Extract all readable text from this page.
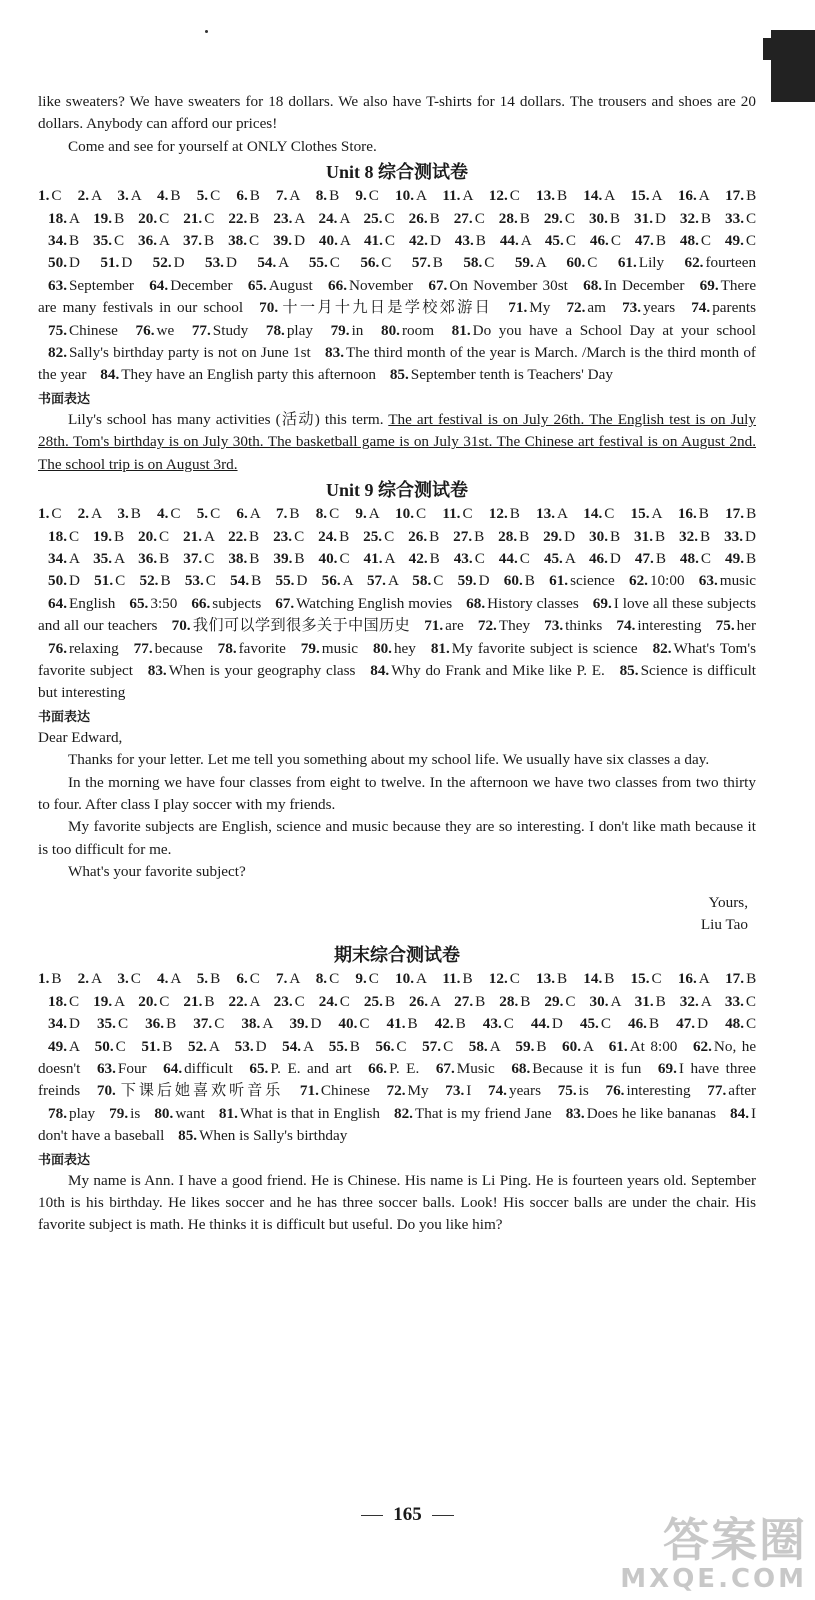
like sweaters? We have sweaters for 18 dollars. We also have T-shirts for 14 dollars. The trousers and shoes are 20 dollars. Anybody can afford our prices!

Come and see for yourself at ONLY Clothes Store.

Unit 8 综合测试卷

1. C 2. A 3. A 4. B 5. C 6. B 7. A 8. B 9. C 10. A 11. A 12. C 13. B 14. A 15. A 16. A 17. B 18. A 19. B 20. C 21. C 22. B 23. A 24. A 25. C 26. B 27. C 28. B 29. C 30. B 31. D 32. B 33. C 34. B 35. C 36. A 37. B 38. C 39. D 40. A 41. C 42. D 43. B 44. A 45. C 46. C 47. B 48. C 49. C 50. D 51. D 52. D 53. D 54. A 55. C 56. C 57. B 58. C 59. A 60. C 61. Lily 62. fourteen 63. September 64. December 65. August 66. November 67. On November 30st 68. In December 69. There are many festivals in our school 70. 十一月十九日是学校郊游日 71. My 72. am 73. years 74. parents 75. Chinese 76. we 77. Study 78. play 79. in 80. room 81. Do you have a School Day at your school 82. Sally's birthday party is not on June 1st 83. The third month of the year is March. /March is the third month of the year 84. They have an English party this afternoon 85. September tenth is Teachers' Day

书面表达

Lily's school has many activities (活动) this term. The art festival is on July 26th. The English test is on July 28th. Tom's birthday is on July 30th. The basketball game is on July 31st. The Chinese art festival is on August 2nd. The school trip is on August 3rd.

Unit 9 综合测试卷

1. C 2. A 3. B 4. C 5. C 6. A 7. B 8. C 9. A 10. C 11. C 12. B 13. A 14. C 15. A 16. B 17. B 18. C 19. B 20. C 21. A 22. B 23. C 24. B 25. C 26. B 27. B 28. B 29. D 30. B 31. B 32. B 33. D 34. A 35. A 36. B 37. C 38. B 39. B 40. C 41. A 42. B 43. C 44. C 45. A 46. D 47. B 48. C 49. B 50. D 51. C 52. B 53. C 54. B 55. D 56. A 57. A 58. C 59. D 60. B 61. science 62. 10:00 63. music 64. English 65. 3:50 66. subjects 67. Watching English movies 68. History classes 69. I love all these subjects and all our teachers 70. 我们可以学到很多关于中国历史 71. are 72. They 73. thinks 74. interesting 75. her 76. relaxing 77. because 78. favorite 79. music 80. hey 81. My favorite subject is science 82. What's Tom's favorite subject 83. When is your geography class 84. Why do Frank and Mike like P. E. 85. Science is difficult but interesting

书面表达

Dear Edward,

Thanks for your letter. Let me tell you something about my school life. We usually have six classes a day.

In the morning we have four classes from eight to twelve. In the afternoon we have two classes from two thirty to four. After class I play soccer with my friends.

My favorite subjects are English, science and music because they are so interesting. I don't like math because it is too difficult for me.

What's your favorite subject?

Yours,

Liu Tao

期末综合测试卷

1. B 2. A 3. C 4. A 5. B 6. C 7. A 8. C 9. C 10. A 11. B 12. C 13. B 14. B 15. C 16. A 17. B 18. C 19. A 20. C 21. B 22. A 23. C 24. C 25. B 26. A 27. B 28. B 29. C 30. A 31. B 32. A 33. C 34. D 35. C 36. B 37. C 38. A 39. D 40. C 41. B 42. B 43. C 44. D 45. C 46. B 47. D 48. C 49. A 50. C 51. B 52. A 53. D 54. A 55. B 56. C 57. C 58. A 59. B 60. A 61. At 8:00 62. No, he doesn't 63. Four 64. difficult 65. P. E. and art 66. P. E. 67. Music 68. Because it is fun 69. I have three freinds 70. 下课后她喜欢听音乐 71. Chinese 72. My 73. I 74. years 75. is 76. interesting 77. after 78. play 79. is 80. want 81. What is that in English 82. That is my friend Jane 83. Does he like bananas 84. I don't have a baseball 85. When is Sally's birthday

书面表达

My name is Ann. I have a good friend. He is Chinese. His name is Li Ping. He is fourteen years old. September 10th is his birthday. He likes soccer and he has three soccer balls. Look! His soccer balls are under the chair. His favorite subject is math. He thinks it is difficult but useful. Do you like him?

165	答案圈
MXQE.COM
